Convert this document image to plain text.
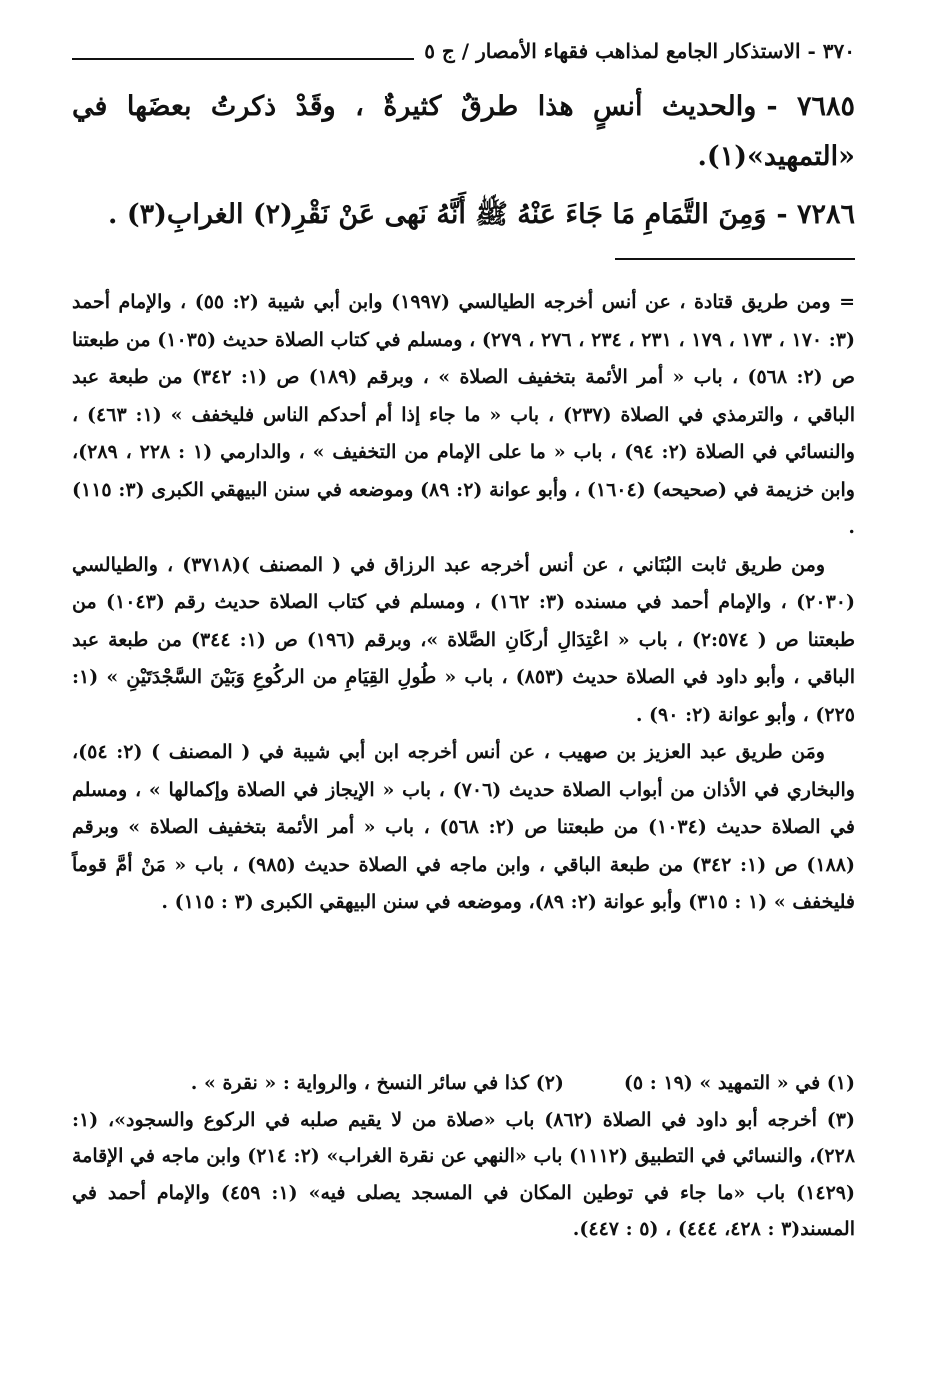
٣٧٠ - الاستذكار الجامع لمذاهب فقهاء الأمصار / ج ٥

٧٦٨٥ -والحديث أنسٍ هذا طرقٌ كثيرةٌ ، وقَدْ ذكرتُ بعضَها في «التمهيد»(١).

٧٢٨٦ -وَمِنَ التَّمَامِ مَا جَاءَ عَنْهُ ﷺ أَنَّهُ نَهى عَنْ نَقْرِ(٢) الغرابِ(٣) .

= ومن طريق قتادة ، عن أنس أخرجه الطيالسي (١٩٩٧) وابن أبي شيبة (٢: ٥٥) ، والإمام أحمد (٣: ١٧٠ ، ١٧٣ ، ١٧٩ ، ٢٣١ ، ٢٣٤ ، ٢٧٦ ، ٢٧٩) ، ومسلم في كتاب الصلاة حديث (١٠٣٥) من طبعتنا ص (٢: ٥٦٨) ، باب « أمر الأئمة بتخفيف الصلاة » ، وبرقم (١٨٩) ص (١: ٣٤٢) من طبعة عبد الباقي ، والترمذي في الصلاة (٢٣٧) ، باب « ما جاء إذا أم أحدكم الناس فليخفف » (١: ٤٦٣) ، والنسائي في الصلاة (٢: ٩٤) ، باب « ما على الإمام من التخفيف » ، والدارمي (١ : ٢٢٨ ، ٢٨٩)، وابن خزيمة في (صحيحه) (١٦٠٤) ، وأبو عوانة (٢: ٨٩) وموضعه في سنن البيهقي الكبرى (٣: ١١٥) .

ومن طريق ثابت البُنَاني ، عن أنس أخرجه عبد الرزاق في ( المصنف )(٣٧١٨) ، والطيالسي (٢٠٣٠) ، والإمام أحمد في مسنده (٣: ١٦٢) ، ومسلم في كتاب الصلاة حديث رقم (١٠٤٣) من طبعتنا ص ( ٢:٥٧٤) ، باب « اعْتِدَالِ أركَانِ الصَّلاة »، وبرقم (١٩٦) ص (١: ٣٤٤) من طبعة عبد الباقي ، وأبو داود في الصلاة حديث (٨٥٣) ، باب « طُولِ القِيَامِ من الركُوعِ وَبَيْنَ السَّجْدَتَيْنِ » (١: ٢٢٥) ، وأبو عوانة (٢: ٩٠) .

ومَن طريق عبد العزيز بن صهيب ، عن أنس أخرجه ابن أبي شيبة في ( المصنف ) (٢: ٥٤)، والبخاري في الأذان من أبواب الصلاة حديث (٧٠٦) ، باب « الإيجاز في الصلاة وإكمالها » ، ومسلم في الصلاة حديث (١٠٣٤) من طبعتنا ص (٢: ٥٦٨) ، باب « أمر الأئمة بتخفيف الصلاة » وبرقم (١٨٨) ص (١: ٣٤٢) من طبعة الباقي ، وابن ماجه في الصلاة حديث (٩٨٥) ، باب « مَنْ أمَّ قوماً فليخفف » (١ : ٣١٥) وأبو عوانة (٢: ٨٩)، وموضعه في سنن البيهقي الكبرى (٣ : ١١٥) .

(١) في « التمهيد » (١٩ : ٥)
(٢) كذا في سائر النسخ ، والرواية : « نقرة » .

(٣) أخرجه أبو داود في الصلاة (٨٦٢) باب «صلاة من لا يقيم صلبه في الركوع والسجود»، (١: ٢٢٨)، والنسائي في التطبيق (١١١٢) باب «النهي عن نقرة الغراب» (٢: ٢١٤) وابن ماجه في الإقامة (١٤٢٩) باب «ما جاء في توطين المكان في المسجد يصلى فيه» (١: ٤٥٩) والإمام أحمد في المسند(٣ : ٤٢٨، ٤٤٤) ، (٥ : ٤٤٧).
